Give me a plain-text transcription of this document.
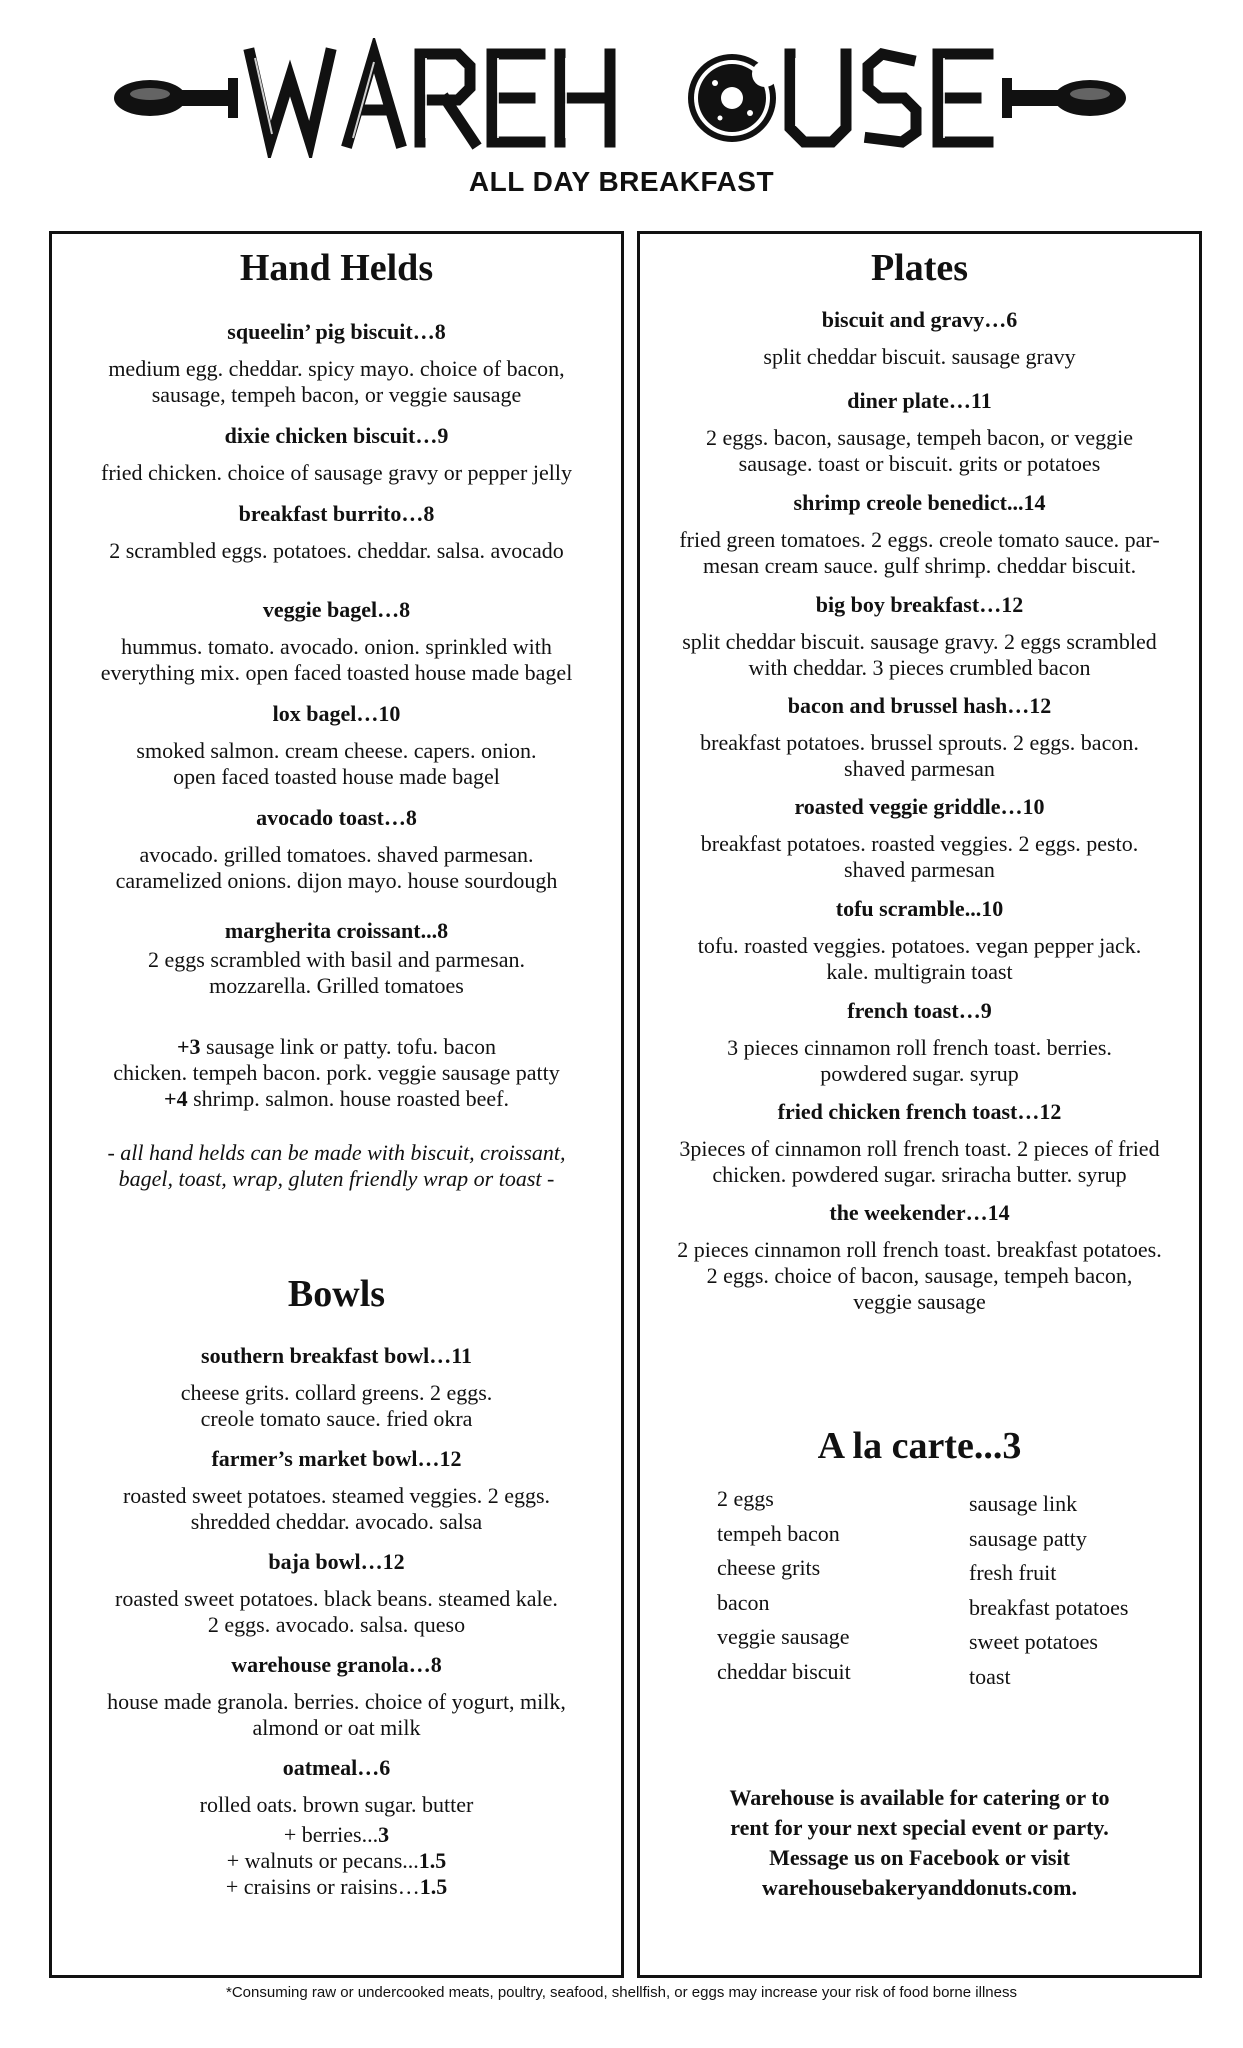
ALL DAY BREAKFAST
Hand Helds
squeelin’ pig biscuit…8
medium egg. cheddar. spicy mayo. choice of bacon,
sausage, tempeh bacon, or veggie sausage
dixie chicken biscuit…9
fried chicken. choice of sausage gravy or pepper jelly
breakfast burrito…8
2 scrambled eggs. potatoes. cheddar. salsa. avocado
veggie bagel…8
hummus. tomato. avocado. onion. sprinkled with
everything mix. open faced toasted house made bagel
lox bagel…10
smoked salmon. cream cheese. capers. onion.
open faced toasted house made bagel
avocado toast…8
avocado. grilled tomatoes. shaved parmesan.
caramelized onions. dijon mayo. house sourdough
margherita croissant...8
2 eggs scrambled with basil and parmesan.
mozzarella. Grilled tomatoes
+3 sausage link or patty. tofu. bacon
chicken. tempeh bacon. pork. veggie sausage patty
+4 shrimp. salmon. house roasted beef.
- all hand helds can be made with biscuit, croissant,
bagel, toast, wrap, gluten friendly wrap or toast -
Bowls
southern breakfast bowl…11
cheese grits. collard greens. 2 eggs.
creole tomato sauce. fried okra
farmer’s market bowl…12
roasted sweet potatoes. steamed veggies. 2 eggs.
shredded cheddar. avocado. salsa
baja bowl…12
roasted sweet potatoes. black beans. steamed kale.
2 eggs. avocado. salsa. queso
warehouse granola…8
house made granola. berries. choice of yogurt, milk,
almond or oat milk
oatmeal…6
rolled oats. brown sugar. butter
+ berries...3
+ walnuts or pecans...1.5
+ craisins or raisins…1.5
Plates
biscuit and gravy…6
split cheddar biscuit. sausage gravy
diner plate…11
2 eggs. bacon, sausage, tempeh bacon, or veggie
sausage. toast or biscuit. grits or potatoes
shrimp creole benedict...14
fried green tomatoes. 2 eggs. creole tomato sauce. par-
mesan cream sauce. gulf shrimp. cheddar biscuit.
big boy breakfast…12
split cheddar biscuit. sausage gravy. 2 eggs scrambled
with cheddar. 3 pieces crumbled bacon
bacon and brussel hash…12
breakfast potatoes. brussel sprouts. 2 eggs. bacon.
shaved parmesan
roasted veggie griddle…10
breakfast potatoes. roasted veggies. 2 eggs. pesto.
shaved parmesan
tofu scramble...10
tofu. roasted veggies. potatoes. vegan pepper jack.
kale. multigrain toast
french toast…9
3 pieces cinnamon roll french toast. berries.
powdered sugar. syrup
fried chicken french toast…12
3pieces of cinnamon roll french toast. 2 pieces of fried
chicken. powdered sugar. sriracha butter. syrup
the weekender…14
2 pieces cinnamon roll french toast. breakfast potatoes.
2 eggs. choice of bacon, sausage, tempeh bacon,
veggie sausage
A la carte...3
2 eggs
tempeh bacon
cheese grits
bacon
veggie sausage
cheddar biscuit
sausage link
sausage patty
fresh fruit
breakfast potatoes
sweet potatoes
toast
Warehouse is available for catering or to
rent for your next special event or party.
Message us on Facebook or visit
warehousebakeryanddonuts.com.
*Consuming raw or undercooked meats, poultry, seafood, shellfish, or eggs may increase your risk of food borne illness
